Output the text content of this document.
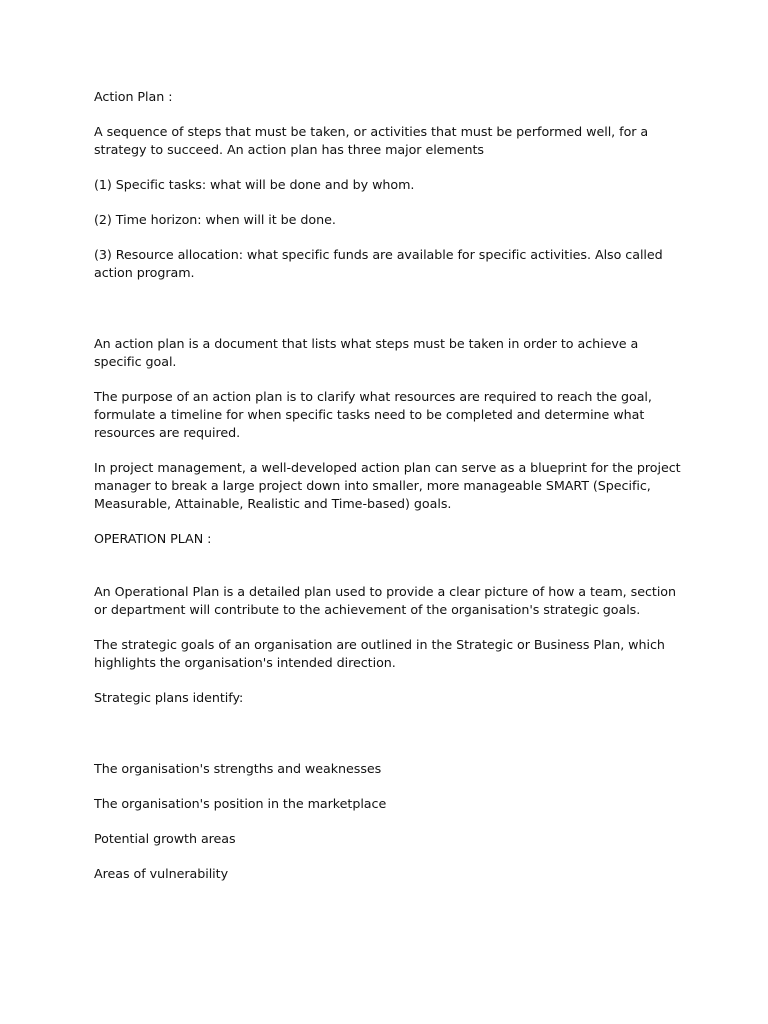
Action Plan :

A sequence of steps that must be taken, or activities that must be performed well, for a strategy to succeed. An action plan has three major elements

(1) Specific tasks: what will be done and by whom.

(2) Time horizon: when will it be done.

(3) Resource allocation: what specific funds are available for specific activities. Also called action program.

An action plan is a document that lists what steps must be taken in order to achieve a specific goal.

The purpose of an action plan is to clarify what resources are required to reach the goal, formulate a timeline for when specific tasks need to be completed and determine what resources are required.

In project management, a well-developed action plan can serve as a blueprint for the project manager to break a large project down into smaller, more manageable SMART (Specific, Measurable, Attainable, Realistic and Time-based) goals.

OPERATION PLAN :

An Operational Plan is a detailed plan used to provide a clear picture of how a team, section or department will contribute to the achievement of the organisation's strategic goals.

The strategic goals of an organisation are outlined in the Strategic or Business Plan, which highlights the organisation's intended direction.

Strategic plans identify:

The organisation's strengths and weaknesses

The organisation's position in the marketplace

Potential growth areas

Areas of vulnerability
